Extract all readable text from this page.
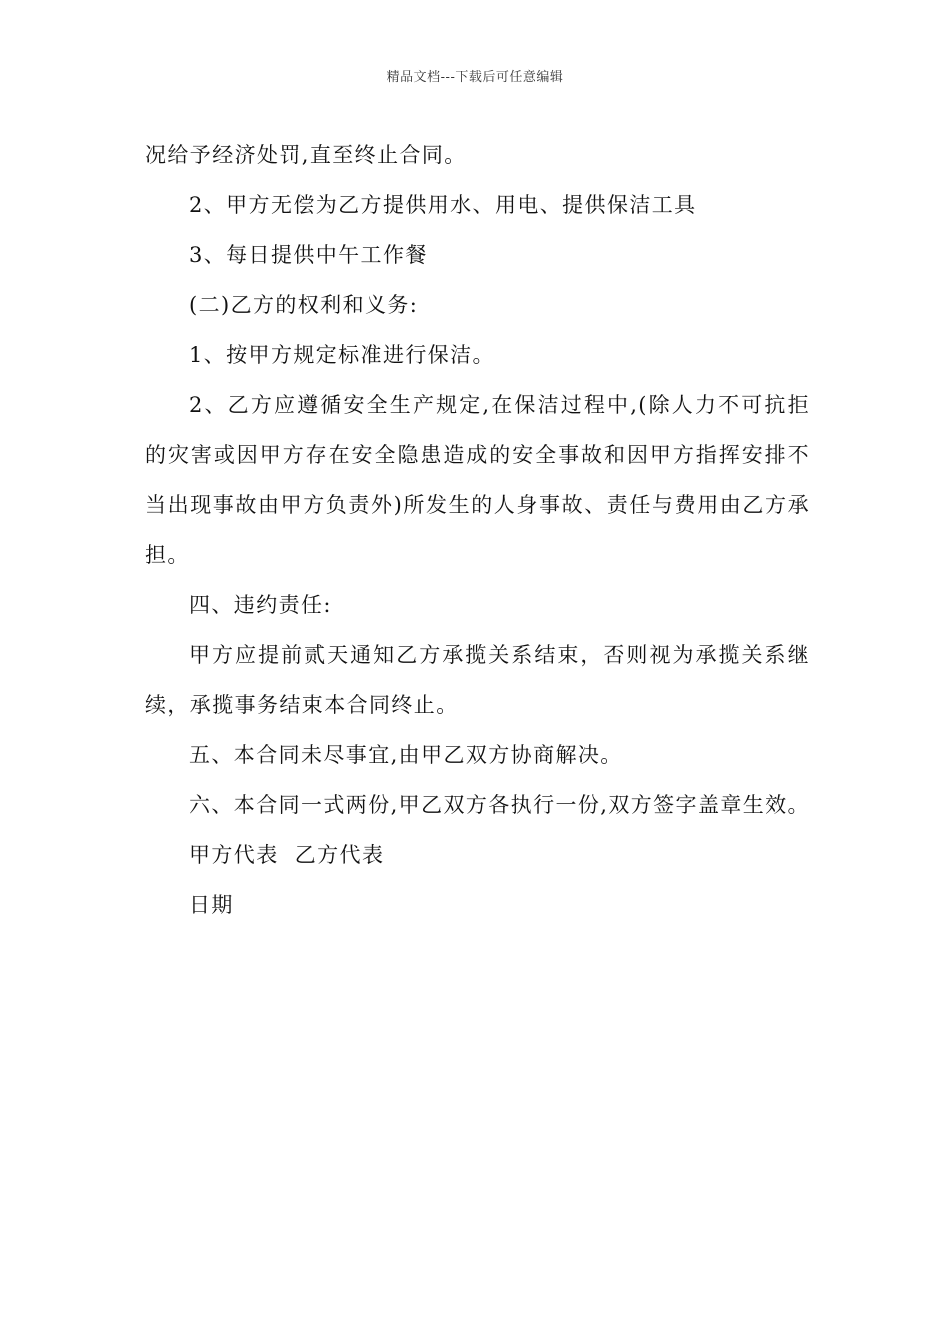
精品文档---下载后可任意编辑

况给予经济处罚,直至终止合同。

2、甲方无偿为乙方提供用水、用电、提供保洁工具

3、每日提供中午工作餐

(二)乙方的权利和义务:

1、按甲方规定标准进行保洁。

2、乙方应遵循安全生产规定,在保洁过程中,(除人力不可抗拒的灾害或因甲方存在安全隐患造成的安全事故和因甲方指挥安排不当出现事故由甲方负责外)所发生的人身事故、责任与费用由乙方承担。

四、违约责任:

甲方应提前贰天通知乙方承揽关系结束，否则视为承揽关系继续，承揽事务结束本合同终止。

五、本合同未尽事宜,由甲乙双方协商解决。

六、本合同一式两份,甲乙双方各执行一份,双方签字盖章生效。

甲方代表  乙方代表

日期
